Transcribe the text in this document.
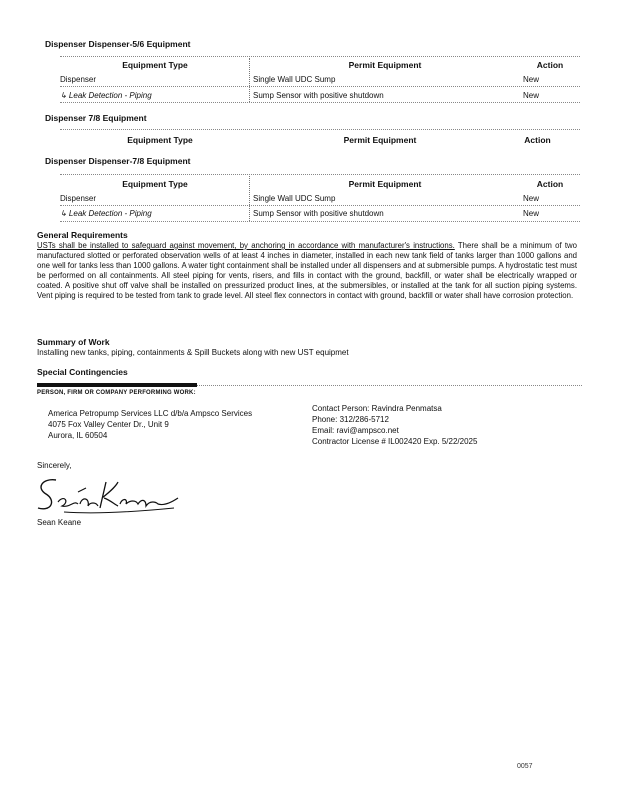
Dispenser Dispenser-5/6 Equipment
Equipment Type	Permit Equipment	Action
Dispenser	Single Wall UDC Sump	New
↳ Leak Detection - Piping	Sump Sensor with positive shutdown	New
Dispenser 7/8 Equipment
Equipment Type	Permit Equipment	Action
Dispenser Dispenser-7/8 Equipment
Equipment Type	Permit Equipment	Action
Dispenser	Single Wall UDC Sump	New
↳ Leak Detection - Piping	Sump Sensor with positive shutdown	New
General Requirements
USTs shall be installed to safeguard against movement, by anchoring in accordance with manufacturer's instructions. There shall be a minimum of two manufactured slotted or perforated observation wells of at least 4 inches in diameter, installed in each new tank field of tanks larger than 1000 gallons and one well for tanks less than 1000 gallons. A water tight containment shall be installed under all dispensers and at submersible pumps. A hydrostatic test must be performed on all containments. All steel piping for vents, risers, and fills in contact with the ground, backfill, or water shall be electrically wrapped or coated. A positive shut off valve shall be installed on pressurized product lines, at the submersibles, or installed at the tank for all suction piping systems. Vent piping is required to be tested from tank to grade level. All steel flex connectors in contact with ground, backfill or water shall have corrosion protection.
Summary of Work
Installing new tanks, piping, containments & Spill Buckets along with new UST equipmet
Special Contingencies
PERSON, FIRM OR COMPANY PERFORMING WORK:
America Petropump Services LLC d/b/a Ampsco Services
4075 Fox Valley Center Dr., Unit 9
Aurora, IL 60504
Contact Person: Ravindra Penmatsa
Phone: 312/286-5712
Email: ravi@ampsco.net
Contractor License # IL002420 Exp. 5/22/2025
Sincerely,
Sean Keane
0057
